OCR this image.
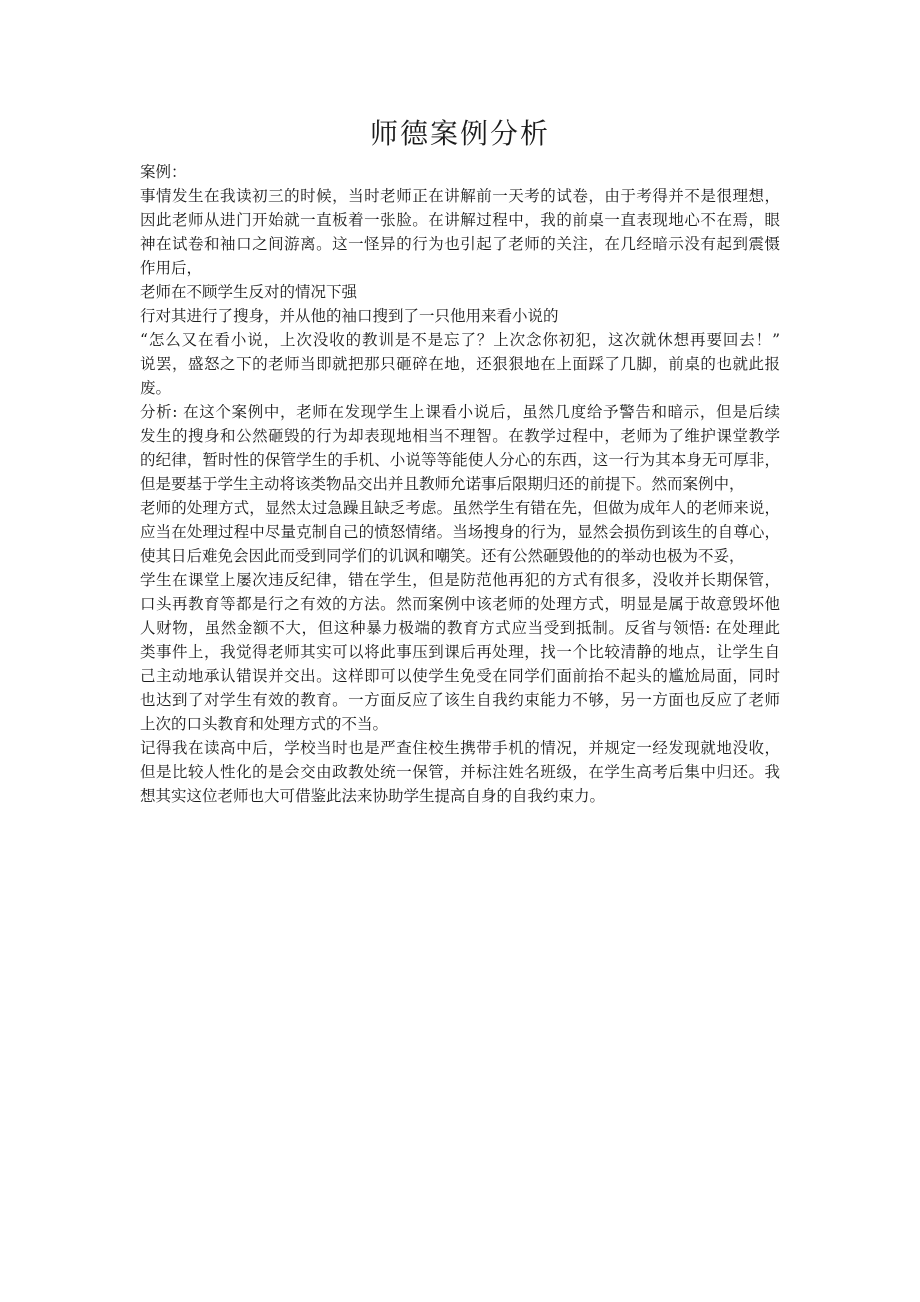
师德案例分析
案例：
事情发生在我读初三的时候，当时老师正在讲解前一天考的试卷，由于考得并不是很理想，
因此老师从进门开始就一直板着一张脸。在讲解过程中，我的前桌一直表现地心不在焉，眼
神在试卷和袖口之间游离。这一怪异的行为也引起了老师的关注，在几经暗示没有起到震慑
作用后，
老师在不顾学生反对的情况下强
行对其进行了搜身，并从他的袖口搜到了一只他用来看小说的
“怎么又在看小说，上次没收的教训是不是忘了？上次念你初犯，这次就休想再要回去！”
说罢，盛怒之下的老师当即就把那只砸碎在地，还狠狠地在上面踩了几脚，前桌的也就此报
废。
分析: 在这个案例中，老师在发现学生上课看小说后，虽然几度给予警告和暗示，但是后续
发生的搜身和公然砸毁的行为却表现地相当不理智。在教学过程中，老师为了维护课堂教学
的纪律，暂时性的保管学生的手机、小说等等能使人分心的东西，这一行为其本身无可厚非，
但是要基于学生主动将该类物品交出并且教师允诺事后限期归还的前提下。然而案例中，
老师的处理方式，显然太过急躁且缺乏考虑。虽然学生有错在先，但做为成年人的老师来说，
应当在处理过程中尽量克制自己的愤怒情绪。当场搜身的行为，显然会损伤到该生的自尊心，
使其日后难免会因此而受到同学们的讥讽和嘲笑。还有公然砸毁他的的举动也极为不妥，
学生在课堂上屡次违反纪律，错在学生，但是防范他再犯的方式有很多，没收并长期保管，
口头再教育等都是行之有效的方法。然而案例中该老师的处理方式，明显是属于故意毁坏他
人财物，虽然金额不大，但这种暴力极端的教育方式应当受到抵制。反省与领悟: 在处理此
类事件上，我觉得老师其实可以将此事压到课后再处理，找一个比较清静的地点，让学生自
己主动地承认错误并交出。这样即可以使学生免受在同学们面前抬不起头的尴尬局面，同时
也达到了对学生有效的教育。一方面反应了该生自我约束能力不够，另一方面也反应了老师
上次的口头教育和处理方式的不当。
记得我在读高中后，学校当时也是严查住校生携带手机的情况，并规定一经发现就地没收，
但是比较人性化的是会交由政教处统一保管，并标注姓名班级，在学生高考后集中归还。我
想其实这位老师也大可借鉴此法来协助学生提高自身的自我约束力。
